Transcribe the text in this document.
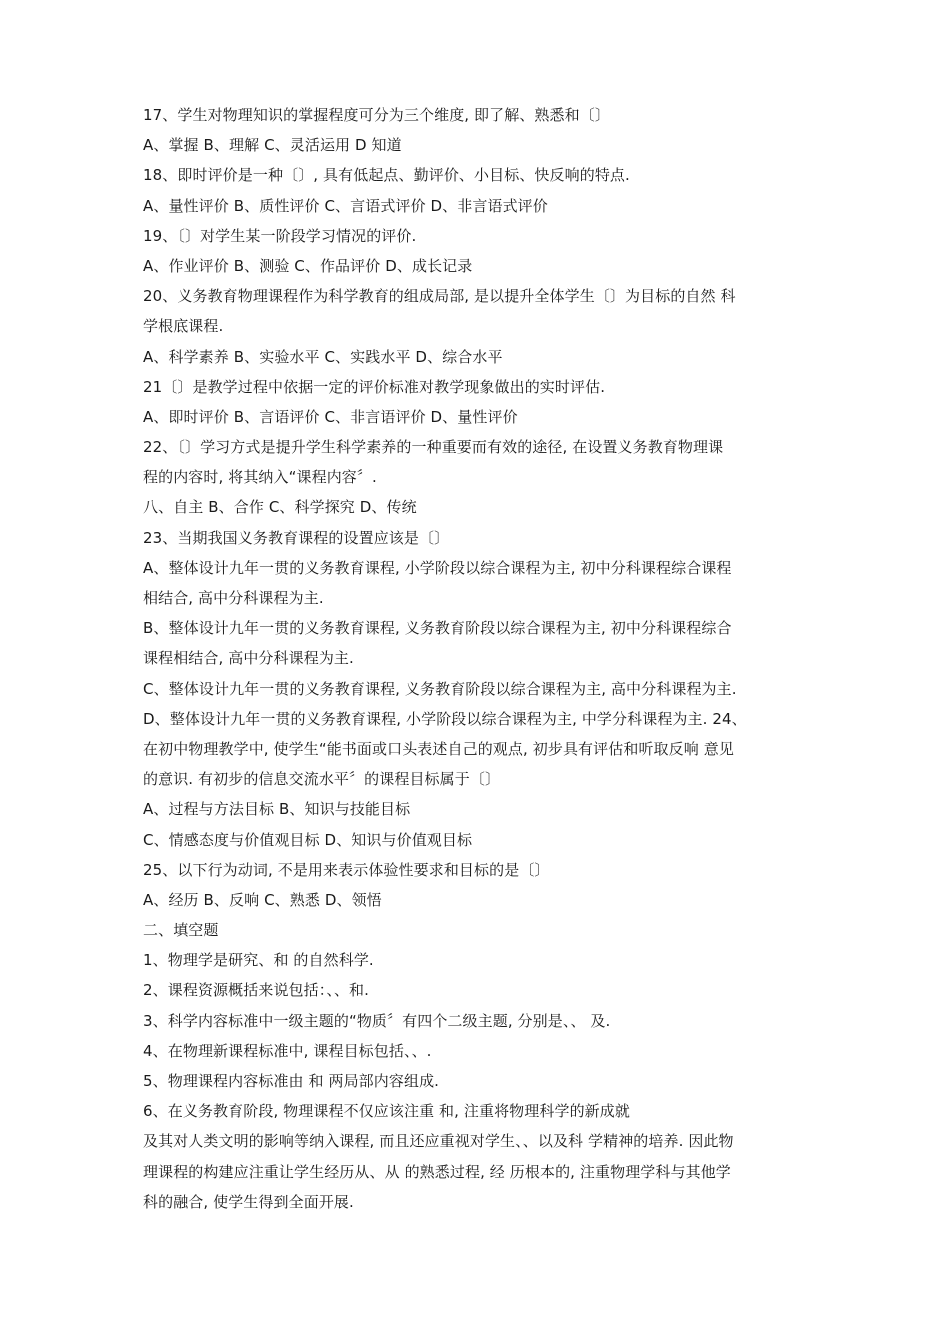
17、学生对物理知识的掌握程度可分为三个维度, 即了解、熟悉和〔〕
A、掌握 B、理解 C、灵活运用 D 知道
18、即时评价是一种〔〕, 具有低起点、勤评价、小目标、快反响的特点.
A、量性评价 B、质性评价 C、言语式评价 D、非言语式评价
19、〔〕对学生某一阶段学习情况的评价.
A、作业评价 B、测验 C、作品评价 D、成长记录
20、义务教育物理课程作为科学教育的组成局部, 是以提升全体学生〔〕为目标的自然 科
学根底课程.
A、科学素养 B、实验水平 C、实践水平 D、综合水平
21〔〕是教学过程中依据一定的评价标准对教学现象做出的实时评估.
A、即时评价 B、言语评价 C、非言语评价 D、量性评价
22、〔〕学习方式是提升学生科学素养的一种重要而有效的途径, 在设置义务教育物理课
程的内容时, 将其纳入“课程内容〞.
八、自主 B、合作 C、科学探究 D、传统
23、当期我国义务教育课程的设置应该是〔〕
A、整体设计九年一贯的义务教育课程, 小学阶段以综合课程为主, 初中分科课程综合课程
相结合, 高中分科课程为主.
B、整体设计九年一贯的义务教育课程, 义务教育阶段以综合课程为主, 初中分科课程综合
课程相结合, 高中分科课程为主.
C、整体设计九年一贯的义务教育课程, 义务教育阶段以综合课程为主, 高中分科课程为主.
D、整体设计九年一贯的义务教育课程, 小学阶段以综合课程为主, 中学分科课程为主. 24、
在初中物理教学中, 使学生“能书面或口头表述自己的观点, 初步具有评估和听取反响 意见
的意识. 有初步的信息交流水平〞的课程目标属于〔〕
A、过程与方法目标 B、知识与技能目标
C、情感态度与价值观目标 D、知识与价值观目标
25、以下行为动词, 不是用来表示体验性要求和目标的是〔〕
A、经历 B、反响 C、熟悉 D、领悟
二、填空题
1、物理学是研究、和 的自然科学.
2、课程资源概括来说包括：、、和.
3、科学内容标准中一级主题的“物质〞有四个二级主题, 分别是、、 及.
4、在物理新课程标准中, 课程目标包括、、.
5、物理课程内容标准由 和 两局部内容组成.
6、在义务教育阶段, 物理课程不仅应该注重 和, 注重将物理科学的新成就
及其对人类文明的影响等纳入课程, 而且还应重视对学生、、以及科 学精神的培养. 因此物
理课程的构建应注重让学生经历从、从 的熟悉过程, 经 历根本的, 注重物理学科与其他学
科的融合, 使学生得到全面开展.
